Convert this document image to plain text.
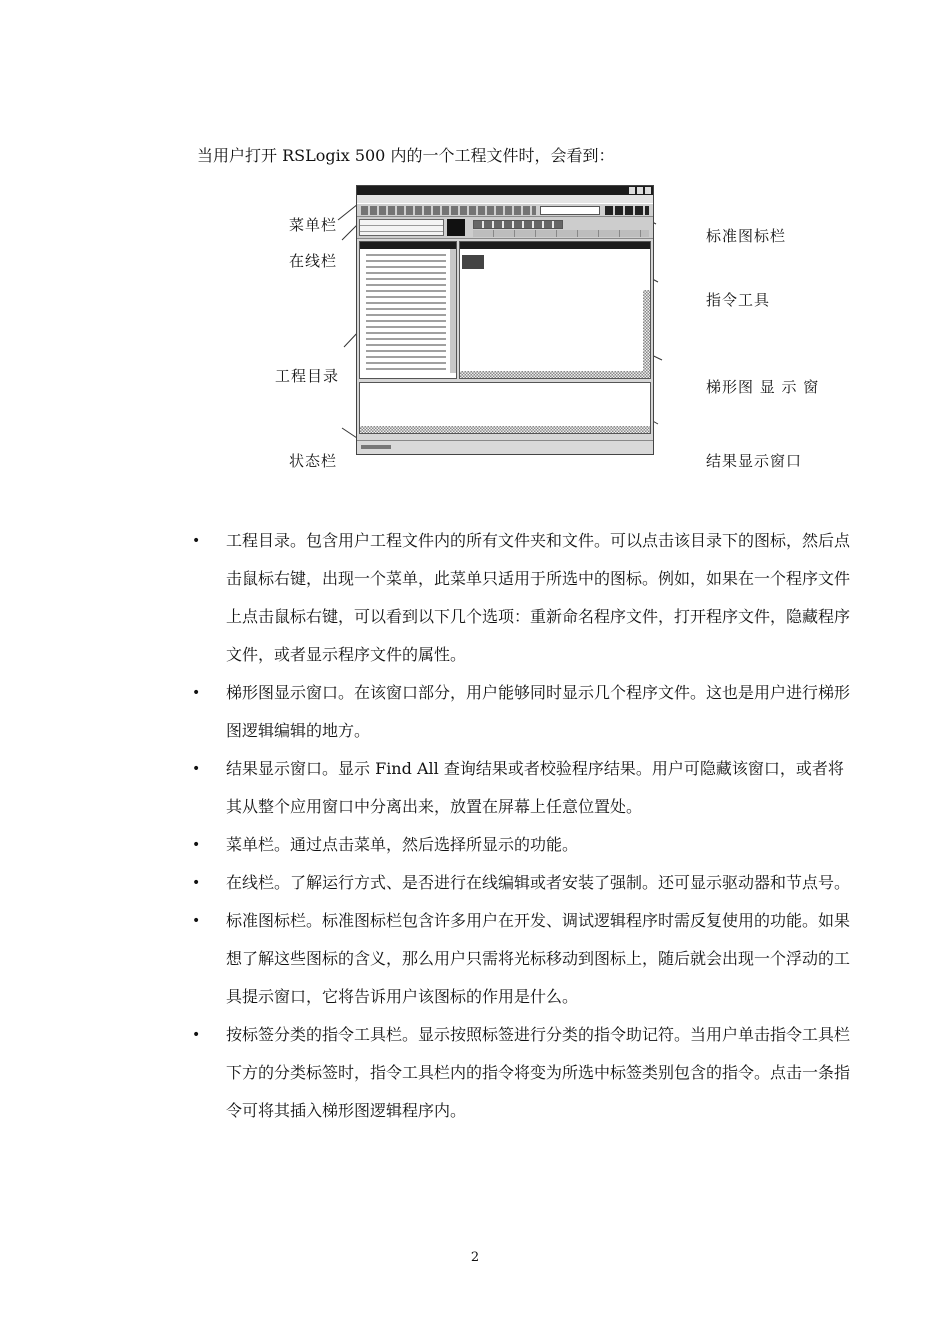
当用户打开 RSLogix 500 内的一个工程文件时，会看到：
菜单栏
在线栏
工程目录
状态栏
标准图标栏
指令工具
梯形图 显 示 窗
结果显示窗口

• 工程目录。包含用户工程文件内的所有文件夹和文件。可以点击该目录下的图标，然后点击鼠标右键，出现一个菜单，此菜单只适用于所选中的图标。例如，如果在一个程序文件上点击鼠标右键，可以看到以下几个选项：重新命名程序文件，打开程序文件，隐藏程序文件，或者显示程序文件的属性。

• 梯形图显示窗口。在该窗口部分，用户能够同时显示几个程序文件。这也是用户进行梯形图逻辑编辑的地方。

• 结果显示窗口。显示 Find All 查询结果或者校验程序结果。用户可隐藏该窗口，或者将其从整个应用窗口中分离出来，放置在屏幕上任意位置处。

• 菜单栏。通过点击菜单，然后选择所显示的功能。

• 在线栏。了解运行方式、是否进行在线编辑或者安装了强制。还可显示驱动器和节点号。

• 标准图标栏。标准图标栏包含许多用户在开发、调试逻辑程序时需反复使用的功能。如果想了解这些图标的含义，那么用户只需将光标移动到图标上，随后就会出现一个浮动的工具提示窗口，它将告诉用户该图标的作用是什么。

• 按标签分类的指令工具栏。显示按照标签进行分类的指令助记符。当用户单击指令工具栏下方的分类标签时，指令工具栏内的指令将变为所选中标签类别包含的指令。点击一条指令可将其插入梯形图逻辑程序内。

2
